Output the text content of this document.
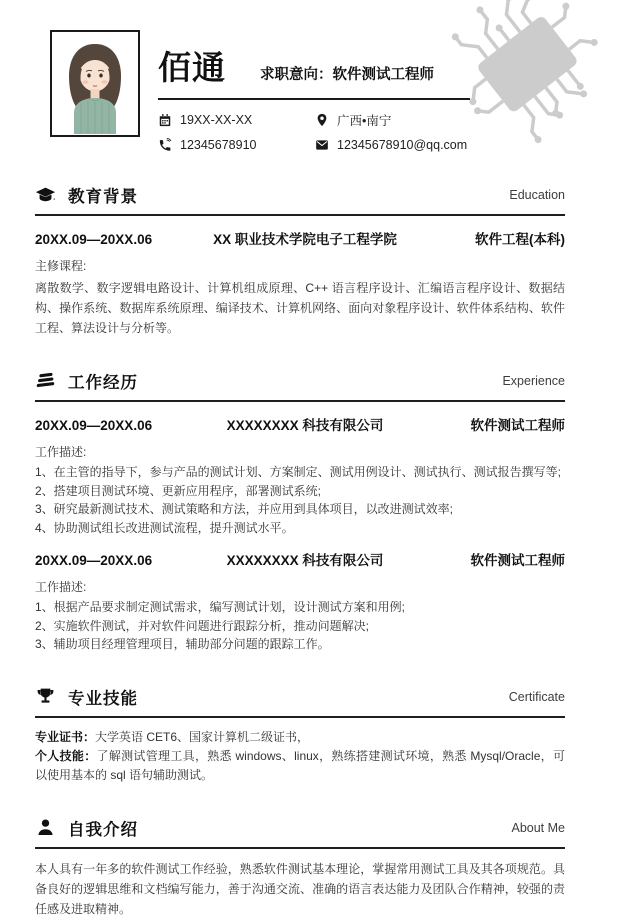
佰通 求职意向：软件测试工程师
19XX-XX-XX	广西•南宁
12345678910	12345678910@qq.com
教育背景	Education
20XX.09—20XX.06	XX 职业技术学院电子工程学院	软件工程(本科)
主修课程:
离散数学、数字逻辑电路设计、计算机组成原理、C++ 语言程序设计、汇编语言程序设计、数据结构、操作系统、数据库系统原理、编译技术、计算机网络、面向对象程序设计、软件体系结构、软件工程、算法设计与分析等。
工作经历	Experience
20XX.09—20XX.06	XXXXXXXX 科技有限公司	软件测试工程师
工作描述:
1、在主管的指导下，参与产品的测试计划、方案制定、测试用例设计、测试执行、测试报告撰写等;
2、搭建项目测试环境、更新应用程序，部署测试系统;
3、研究最新测试技术、测试策略和方法，并应用到具体项目，以改进测试效率;
4、协助测试组长改进测试流程，提升测试水平。
20XX.09—20XX.06	XXXXXXXX 科技有限公司	软件测试工程师
工作描述:
1、根据产品要求制定测试需求，编写测试计划，设计测试方案和用例;
2、实施软件测试，并对软件问题进行跟踪分析，推动问题解决;
3、辅助项目经理管理项目，辅助部分问题的跟踪工作。
专业技能	Certificate
专业证书：大学英语 CET6、国家计算机二级证书，
个人技能：了解测试管理工具，熟悉 windows、linux，熟练搭建测试环境，熟悉 Mysql/Oracle，可以使用基本的 sql 语句辅助测试。
自我介绍	About Me
本人具有一年多的软件测试工作经验，熟悉软件测试基本理论，掌握常用测试工具及其各项规范。具备良好的逻辑思维和文档编写能力，善于沟通交流、准确的语言表达能力及团队合作精神，较强的责任感及进取精神。
